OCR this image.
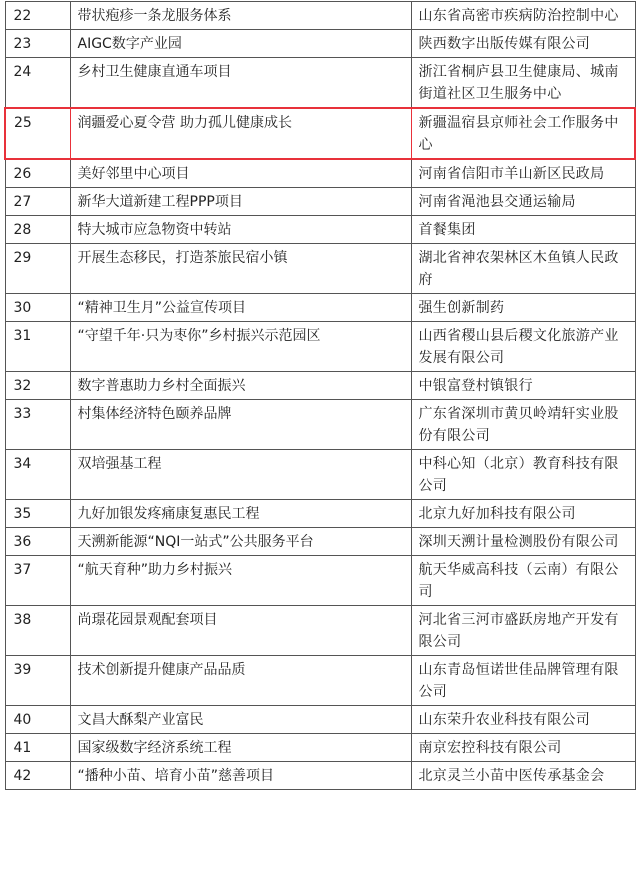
22	带状疱疹一条龙服务体系	山东省高密市疾病防治控制中心
23	AIGC数字产业园	陕西数字出版传媒有限公司
24	乡村卫生健康直通车项目	浙江省桐庐县卫生健康局、城南街道社区卫生服务中心
25	润疆爱心夏令营 助力孤儿健康成长	新疆温宿县京师社会工作服务中心
26	美好邻里中心项目	河南省信阳市羊山新区民政局
27	新华大道新建工程PPP项目	河南省渑池县交通运输局
28	特大城市应急物资中转站	首餐集团
29	开展生态移民，打造茶旅民宿小镇	湖北省神农架林区木鱼镇人民政府
30	“精神卫生月”公益宣传项目	强生创新制药
31	“守望千年·只为枣你”乡村振兴示范园区	山西省稷山县后稷文化旅游产业发展有限公司
32	数字普惠助力乡村全面振兴	中银富登村镇银行
33	村集体经济特色颐养品牌	广东省深圳市黄贝岭靖轩实业股份有限公司
34	双培强基工程	中科心知（北京）教育科技有限公司
35	九好加银发疼痛康复惠民工程	北京九好加科技有限公司
36	天溯新能源“NQI一站式”公共服务平台	深圳天溯计量检测股份有限公司
37	“航天育种”助力乡村振兴	航天华威高科技（云南）有限公司
38	尚璟花园景观配套项目	河北省三河市盛跃房地产开发有限公司
39	技术创新提升健康产品品质	山东青岛恒诺世佳品牌管理有限公司
40	文昌大酥梨产业富民	山东荣升农业科技有限公司
41	国家级数字经济系统工程	南京宏控科技有限公司
42	“播种小苗、培育小苗”慈善项目	北京灵兰小苗中医传承基金会
